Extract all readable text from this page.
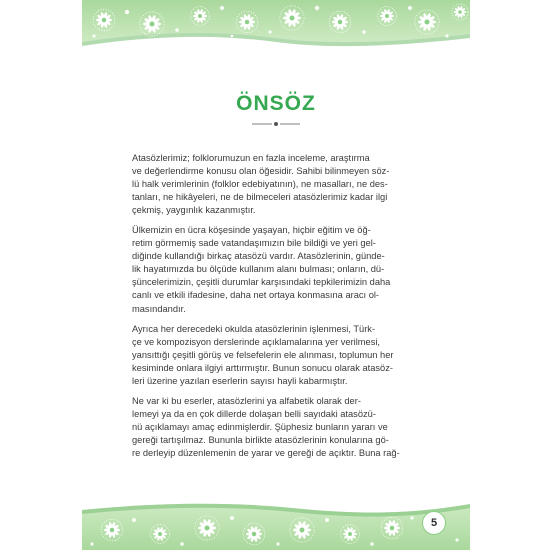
ÖNSÖZ

Atasözlerimiz; folklorumuzun en fazla inceleme, araştırma
ve değerlendirme konusu olan öğesidir. Sahibi bilinmeyen söz-
lü halk verimlerinin (folklor edebiyatının), ne masalları, ne des-
tanları, ne hikâyeleri, ne de bilmeceleri atasözlerimiz kadar ilgi
çekmiş, yaygınlık kazanmıştır.

Ülkemizin en ücra köşesinde yaşayan, hiçbir eğitim ve öğ-
retim görmemiş sade vatandaşımızın bile bildiği ve yeri gel-
diğinde kullandığı birkaç atasözü vardır. Atasözlerinin, günde-
lik hayatımızda bu ölçüde kullanım alanı bulması; onların, dü-
şüncelerimizin, çeşitli durumlar karşısındaki tepkilerimizin daha
canlı ve etkili ifadesine, daha net ortaya konmasına aracı ol-
masındandır.

Ayrıca her derecedeki okulda atasözlerinin işlenmesi, Türk-
çe ve kompozisyon derslerinde açıklamalarına yer verilmesi,
yansıttığı çeşitli görüş ve felsefelerin ele alınması, toplumun her
kesiminde onlara ilgiyi arttırmıştır. Bunun sonucu olarak atasöz-
leri üzerine yazılan eserlerin sayısı hayli kabarmıştır.

Ne var ki bu eserler, atasözlerini ya alfabetik olarak der-
lemeyi ya da en çok dillerde dolaşan belli sayıdaki atasözü-
nü açıklamayı amaç edinmişlerdir. Şüphesiz bunların yararı ve
gereği tartışılmaz. Bununla birlikte atasözlerinin konularına gö-
re derleyip düzenlemenin de yarar ve gereği de açıktır. Buna rağ-

5
